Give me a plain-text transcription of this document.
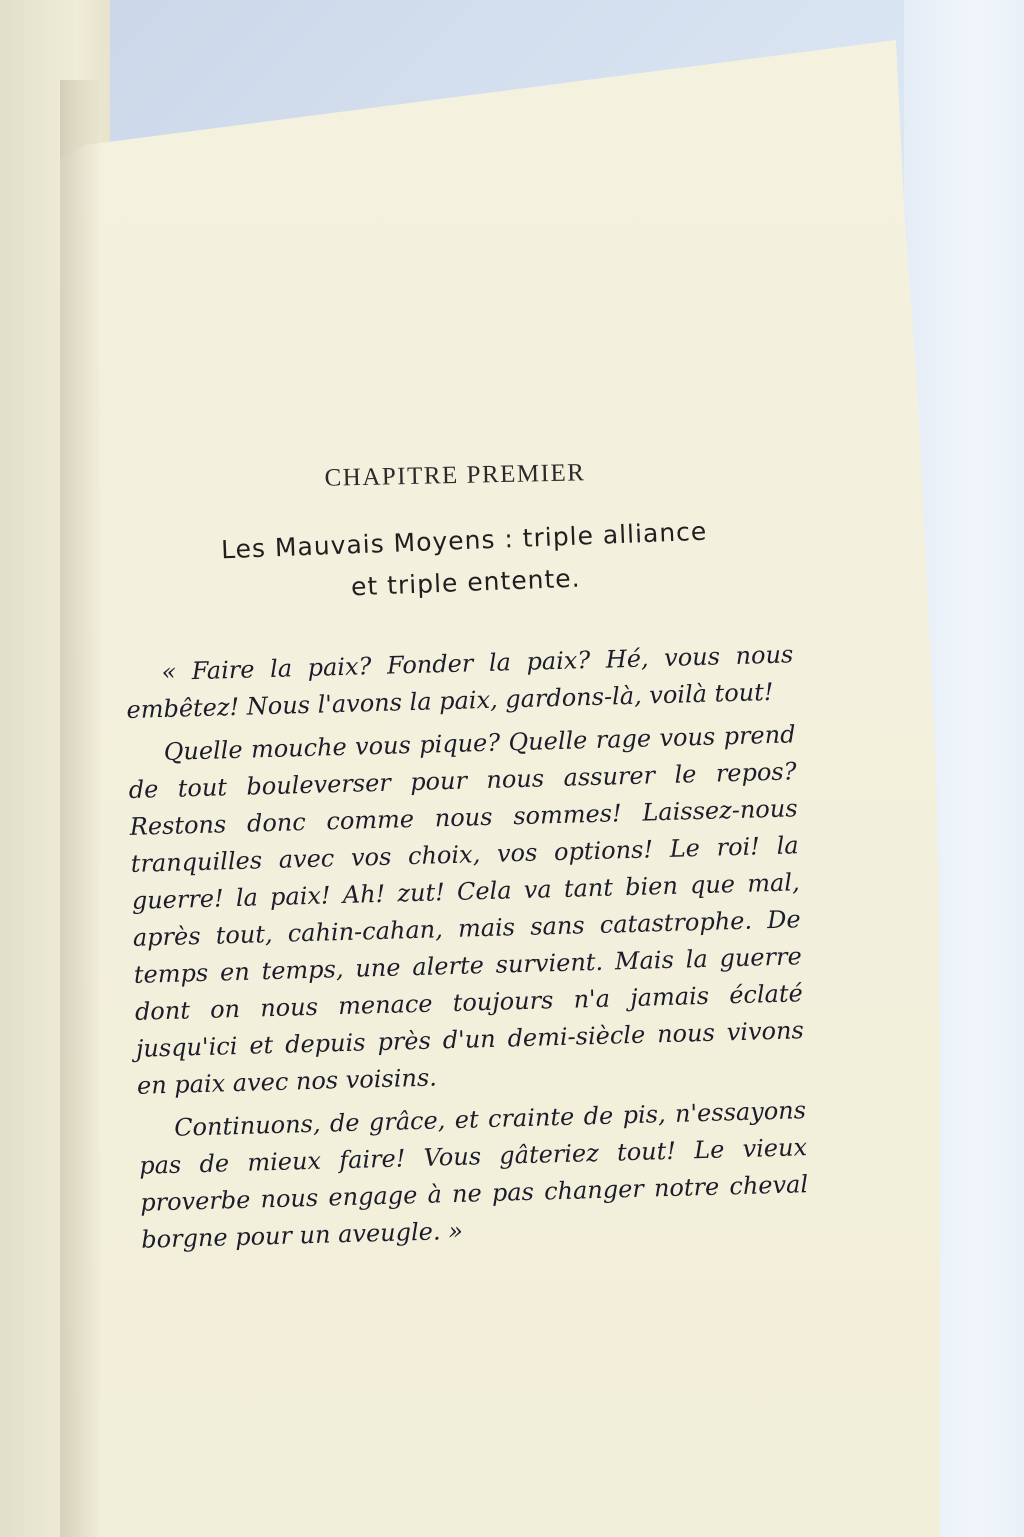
CHAPITRE PREMIER
Les Mauvais Moyens : triple alliance
et triple entente.

« Faire la paix? Fonder la paix? Hé, vous nous embêtez! Nous l'avons la paix, gardons-là, voilà tout!

Quelle mouche vous pique? Quelle rage vous prend de tout bouleverser pour nous assurer le repos? Restons donc comme nous sommes! Laissez-nous tranquilles avec vos choix, vos options! Le roi! la guerre! la paix! Ah! zut! Cela va tant bien que mal, après tout, cahin-cahan, mais sans catastrophe. De temps en temps, une alerte survient. Mais la guerre dont on nous menace toujours n'a jamais éclaté jusqu'ici et depuis près d'un demi-siècle nous vivons en paix avec nos voisins.

Continuons, de grâce, et crainte de pis, n'essayons pas de mieux faire! Vous gâteriez tout! Le vieux proverbe nous engage à ne pas changer notre cheval borgne pour un aveugle. »
